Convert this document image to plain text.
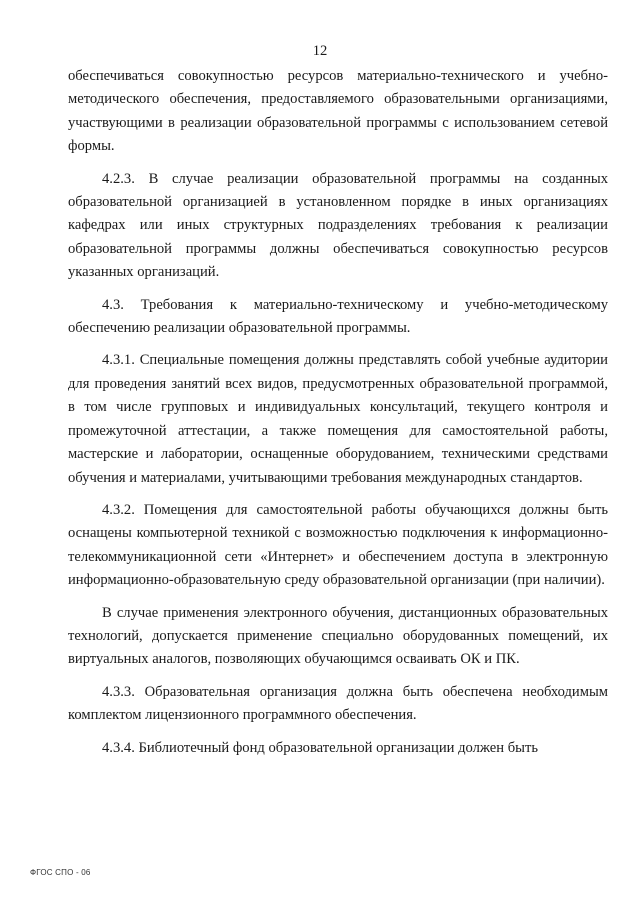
12

обеспечиваться совокупностью ресурсов материально-технического и учебно-методического обеспечения, предоставляемого образовательными организациями, участвующими в реализации образовательной программы с использованием сетевой формы.

4.2.3. В случае реализации образовательной программы на созданных образовательной организацией в установленном порядке в иных организациях кафедрах или иных структурных подразделениях требования к реализации образовательной программы должны обеспечиваться совокупностью ресурсов указанных организаций.

4.3. Требования к материально-техническому и учебно-методическому обеспечению реализации образовательной программы.

4.3.1. Специальные помещения должны представлять собой учебные аудитории для проведения занятий всех видов, предусмотренных образовательной программой, в том числе групповых и индивидуальных консультаций, текущего контроля и промежуточной аттестации, а также помещения для самостоятельной работы, мастерские и лаборатории, оснащенные оборудованием, техническими средствами обучения и материалами, учитывающими требования международных стандартов.

4.3.2. Помещения для самостоятельной работы обучающихся должны быть оснащены компьютерной техникой с возможностью подключения к информационно-телекоммуникационной сети «Интернет» и обеспечением доступа в электронную информационно-образовательную среду образовательной организации (при наличии).

В случае применения электронного обучения, дистанционных образовательных технологий, допускается применение специально оборудованных помещений, их виртуальных аналогов, позволяющих обучающимся осваивать ОК и ПК.

4.3.3. Образовательная организация должна быть обеспечена необходимым комплектом лицензионного программного обеспечения.

4.3.4. Библиотечный фонд образовательной организации должен быть

ФГОС СПО - 06
